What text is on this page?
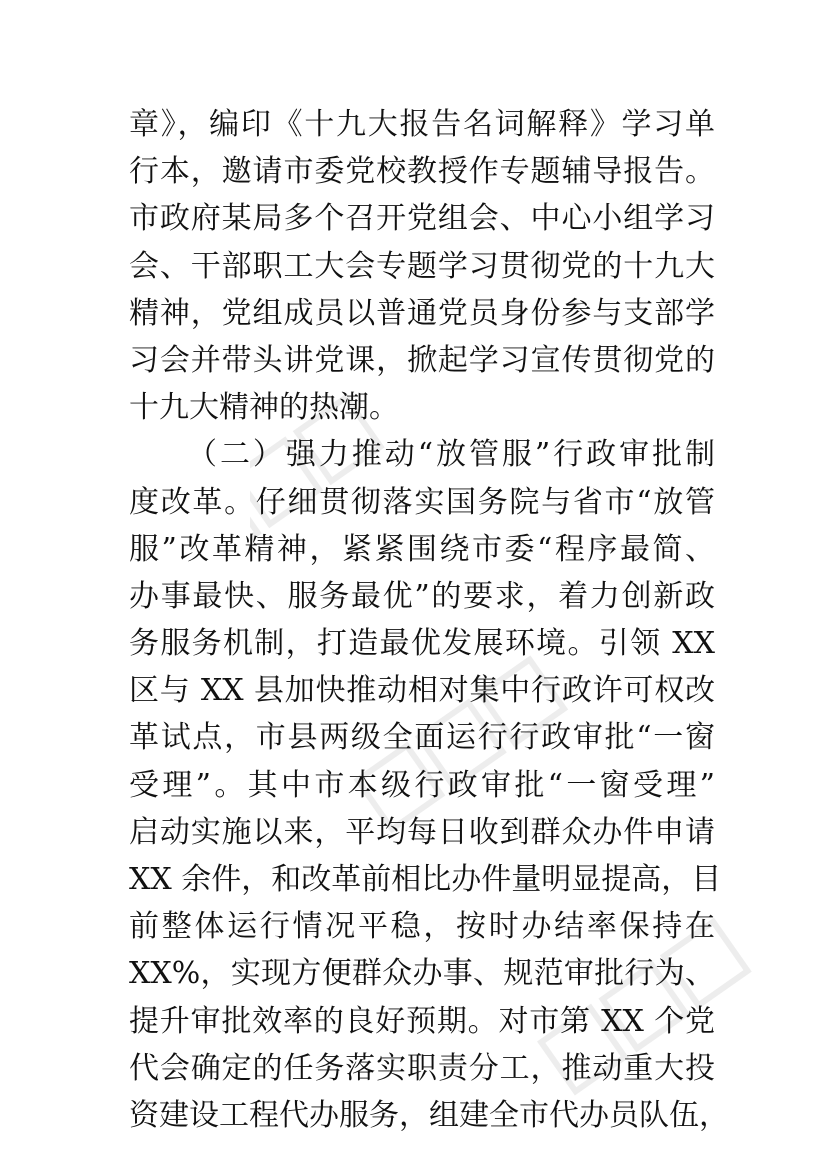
章》，编印《十九大报告名词解释》学习单
行本，邀请市委党校教授作专题辅导报告。
市政府某局多个召开党组会、中心小组学习
会、干部职工大会专题学习贯彻党的十九大
精神，党组成员以普通党员身份参与支部学
习会并带头讲党课，掀起学习宣传贯彻党的
十九大精神的热潮。
（二）强力推动“放管服”行政审批制
度改革。仔细贯彻落实国务院与省市“放管
服”改革精神，紧紧围绕市委“程序最简、
办事最快、服务最优”的要求，着力创新政
务服务机制，打造最优发展环境。引领 XX
区与 XX 县加快推动相对集中行政许可权改
革试点，市县两级全面运行行政审批“一窗
受理”。其中市本级行政审批“一窗受理”
启动实施以来，平均每日收到群众办件申请
XX 余件，和改革前相比办件量明显提高，目
前整体运行情况平稳，按时办结率保持在
XX%，实现方便群众办事、规范审批行为、
提升审批效率的良好预期。对市第 XX 个党
代会确定的任务落实职责分工，推动重大投
资建设工程代办服务，组建全市代办员队伍，
